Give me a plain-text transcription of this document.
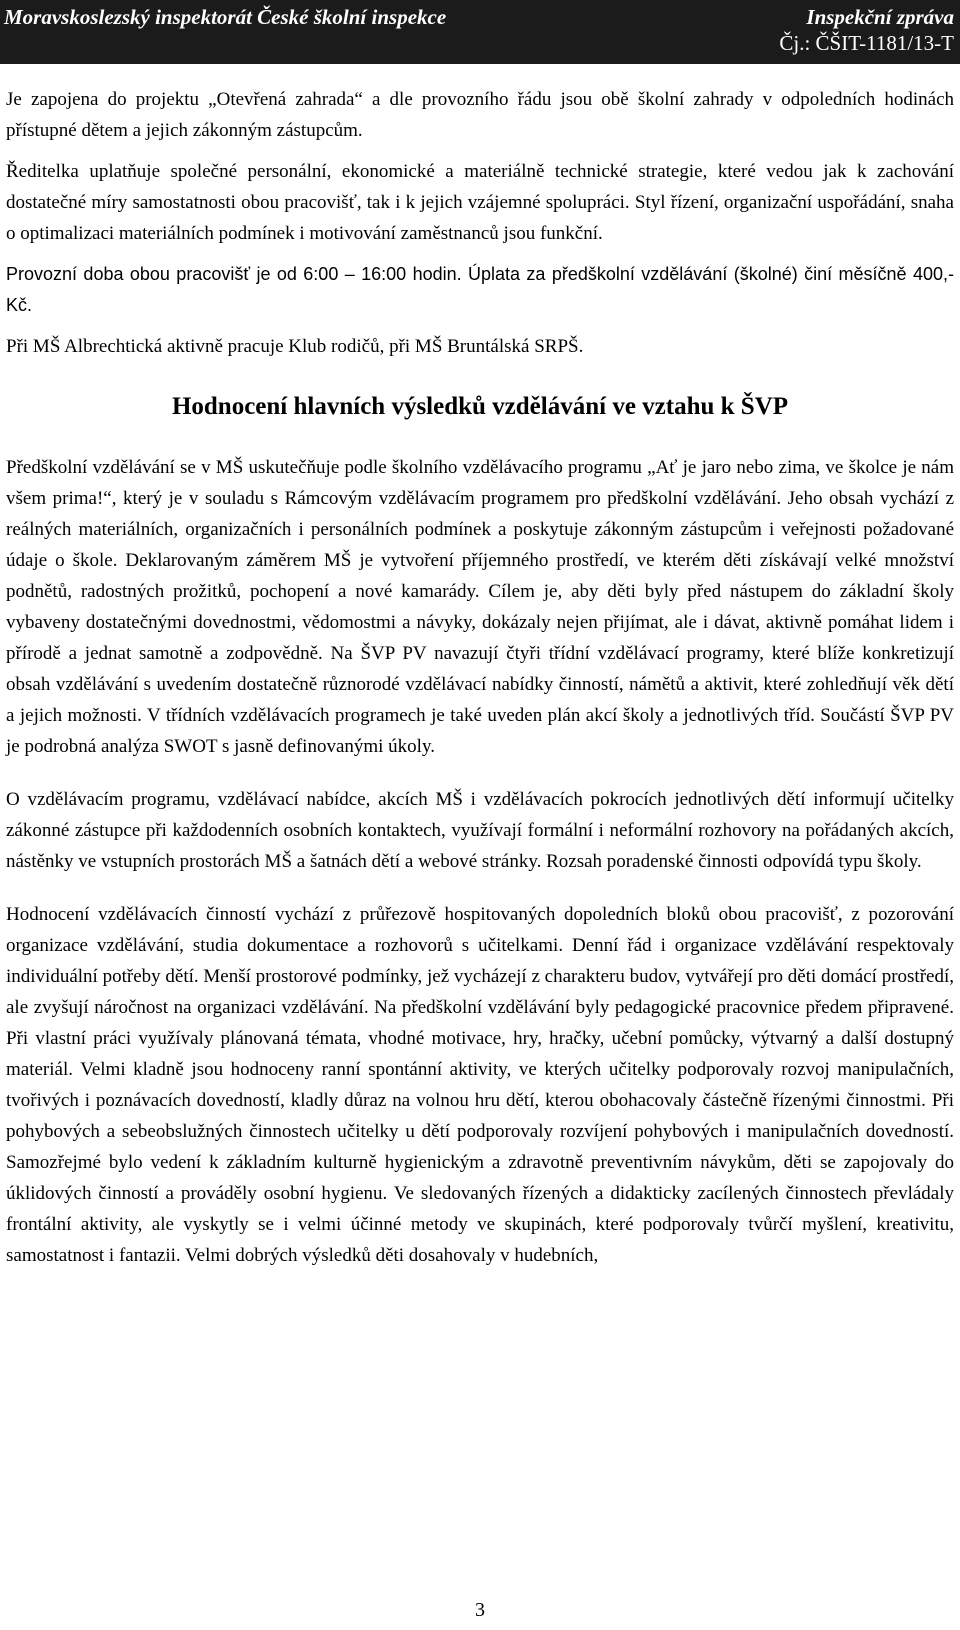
Moravskoslezský inspektorát České školní inspekce	Inspekční zpráva
Čj.: ČŠIT-1181/13-T

Je zapojena do projektu „Otevřená zahrada“ a dle provozního řádu jsou obě školní zahrady v odpoledních hodinách přístupné dětem a jejich zákonným zástupcům.

Ředitelka uplatňuje společné personální, ekonomické a materiálně technické strategie, které vedou jak k zachování dostatečné míry samostatnosti obou pracovišť, tak i k jejich vzájemné spolupráci. Styl řízení, organizační uspořádání, snaha o optimalizaci materiálních podmínek i motivování zaměstnanců jsou funkční.

Provozní doba obou pracovišť je od 6:00 – 16:00 hodin. Úplata za předškolní vzdělávání (školné) činí měsíčně 400,- Kč.

Při MŠ Albrechtická aktivně pracuje Klub rodičů, při MŠ Bruntálská SRPŠ.

Hodnocení hlavních výsledků vzdělávání ve vztahu k ŠVP

Předškolní vzdělávání se v MŠ uskutečňuje podle školního vzdělávacího programu „Ať je jaro nebo zima, ve školce je nám všem prima!“, který je v souladu s Rámcovým vzdělávacím programem pro předškolní vzdělávání. Jeho obsah vychází z reálných materiálních, organizačních i personálních podmínek a poskytuje zákonným zástupcům i veřejnosti požadované údaje o škole. Deklarovaným záměrem MŠ je vytvoření příjemného prostředí, ve kterém děti získávají velké množství podnětů, radostných prožitků, pochopení a nové kamarády. Cílem je, aby děti byly před nástupem do základní školy vybaveny dostatečnými dovednostmi, vědomostmi a návyky, dokázaly nejen přijímat, ale i dávat, aktivně pomáhat lidem i přírodě a jednat samotně a zodpovědně. Na ŠVP PV navazují čtyři třídní vzdělávací programy, které blíže konkretizují obsah vzdělávání s uvedením dostatečně různorodé vzdělávací nabídky činností, námětů a aktivit, které zohledňují věk dětí a jejich možnosti. V třídních vzdělávacích programech je také uveden plán akcí školy a jednotlivých tříd. Součástí ŠVP PV je podrobná analýza SWOT s jasně definovanými úkoly.

O vzdělávacím programu, vzdělávací nabídce, akcích MŠ i vzdělávacích pokrocích jednotlivých dětí informují učitelky zákonné zástupce při každodenních osobních kontaktech, využívají formální i neformální rozhovory na pořádaných akcích, nástěnky ve vstupních prostorách MŠ a šatnách dětí a webové stránky. Rozsah poradenské činnosti odpovídá typu školy.

Hodnocení vzdělávacích činností vychází z průřezově hospitovaných dopoledních bloků obou pracovišť, z pozorování organizace vzdělávání, studia dokumentace a rozhovorů s učitelkami. Denní řád i organizace vzdělávání respektovaly individuální potřeby dětí. Menší prostorové podmínky, jež vycházejí z charakteru budov, vytvářejí pro děti domácí prostředí, ale zvyšují náročnost na organizaci vzdělávání. Na předškolní vzdělávání byly pedagogické pracovnice předem připravené. Při vlastní práci využívaly plánovaná témata, vhodné motivace, hry, hračky, učební pomůcky, výtvarný a další dostupný materiál. Velmi kladně jsou hodnoceny ranní spontánní aktivity, ve kterých učitelky podporovaly rozvoj manipulačních, tvořivých i poznávacích dovedností, kladly důraz na volnou hru dětí, kterou obohacovaly částečně řízenými činnostmi. Při pohybových a sebeobslužných činnostech učitelky u dětí podporovaly rozvíjení pohybových i manipulačních dovedností. Samozřejmé bylo vedení k základním kulturně hygienickým a zdravotně preventivním návykům, děti se zapojovaly do úklidových činností a prováděly osobní hygienu. Ve sledovaných řízených a didakticky zacílených činnostech převládaly frontální aktivity, ale vyskytly se i velmi účinné metody ve skupinách, které podporovaly tvůrčí myšlení, kreativitu, samostatnost i fantazii. Velmi dobrých výsledků děti dosahovaly v hudebních,

3
